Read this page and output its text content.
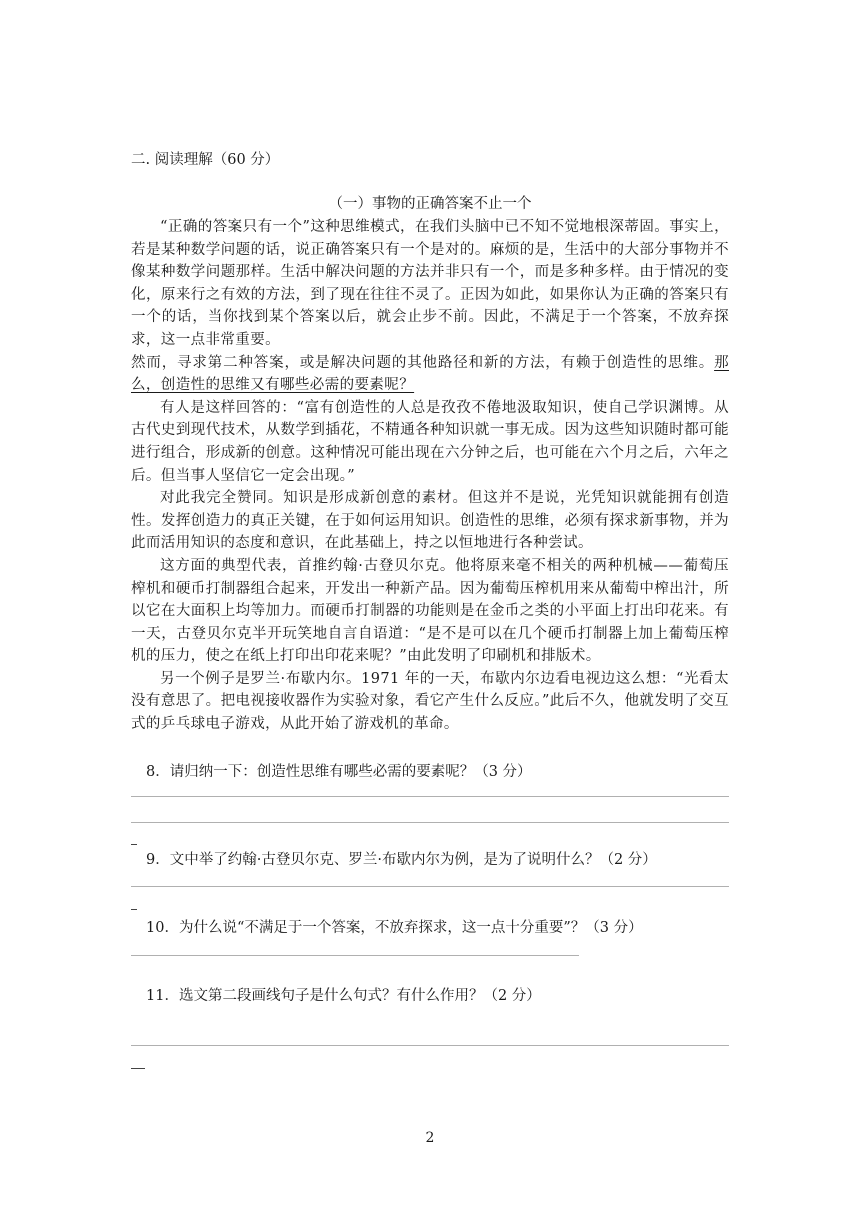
二. 阅读理解（60 分）
（一）事物的正确答案不止一个

“正确的答案只有一个”这种思维模式，在我们头脑中已不知不觉地根深蒂固。事实上，若是某种数学问题的话，说正确答案只有一个是对的。麻烦的是，生活中的大部分事物并不像某种数学问题那样。生活中解决问题的方法并非只有一个，而是多种多样。由于情况的变化，原来行之有效的方法，到了现在往往不灵了。正因为如此，如果你认为正确的答案只有一个的话，当你找到某个答案以后，就会止步不前。因此，不满足于一个答案，不放弃探求，这一点非常重要。

然而，寻求第二种答案，或是解决问题的其他路径和新的方法，有赖于创造性的思维。那么，创造性的思维又有哪些必需的要素呢？

有人是这样回答的：“富有创造性的人总是孜孜不倦地汲取知识，使自己学识渊博。从古代史到现代技术，从数学到插花，不精通各种知识就一事无成。因为这些知识随时都可能进行组合，形成新的创意。这种情况可能出现在六分钟之后，也可能在六个月之后，六年之后。但当事人坚信它一定会出现。”

对此我完全赞同。知识是形成新创意的素材。但这并不是说，光凭知识就能拥有创造性。发挥创造力的真正关键，在于如何运用知识。创造性的思维，必须有探求新事物，并为此而活用知识的态度和意识，在此基础上，持之以恒地进行各种尝试。

这方面的典型代表，首推约翰·古登贝尔克。他将原来毫不相关的两种机械——葡萄压榨机和硬币打制器组合起来，开发出一种新产品。因为葡萄压榨机用来从葡萄中榨出汁，所以它在大面积上均等加力。而硬币打制器的功能则是在金币之类的小平面上打出印花来。有一天，古登贝尔克半开玩笑地自言自语道：“是不是可以在几个硬币打制器上加上葡萄压榨机的压力，使之在纸上打印出印花来呢？”由此发明了印刷机和排版术。

另一个例子是罗兰·布歇内尔。1971 年的一天，布歇内尔边看电视边这么想：“光看太没有意思了。把电视接收器作为实验对象，看它产生什么反应。”此后不久，他就发明了交互式的乒乓球电子游戏，从此开始了游戏机的革命。

8．请归纳一下：创造性思维有哪些必需的要素呢？（3 分）
9．文中举了约翰·古登贝尔克、罗兰·布歇内尔为例，是为了说明什么？（2 分）
10．为什么说“不满足于一个答案，不放弃探求，这一点十分重要”？（3 分）
11．选文第二段画线句子是什么句式？有什么作用？（2 分）
2
